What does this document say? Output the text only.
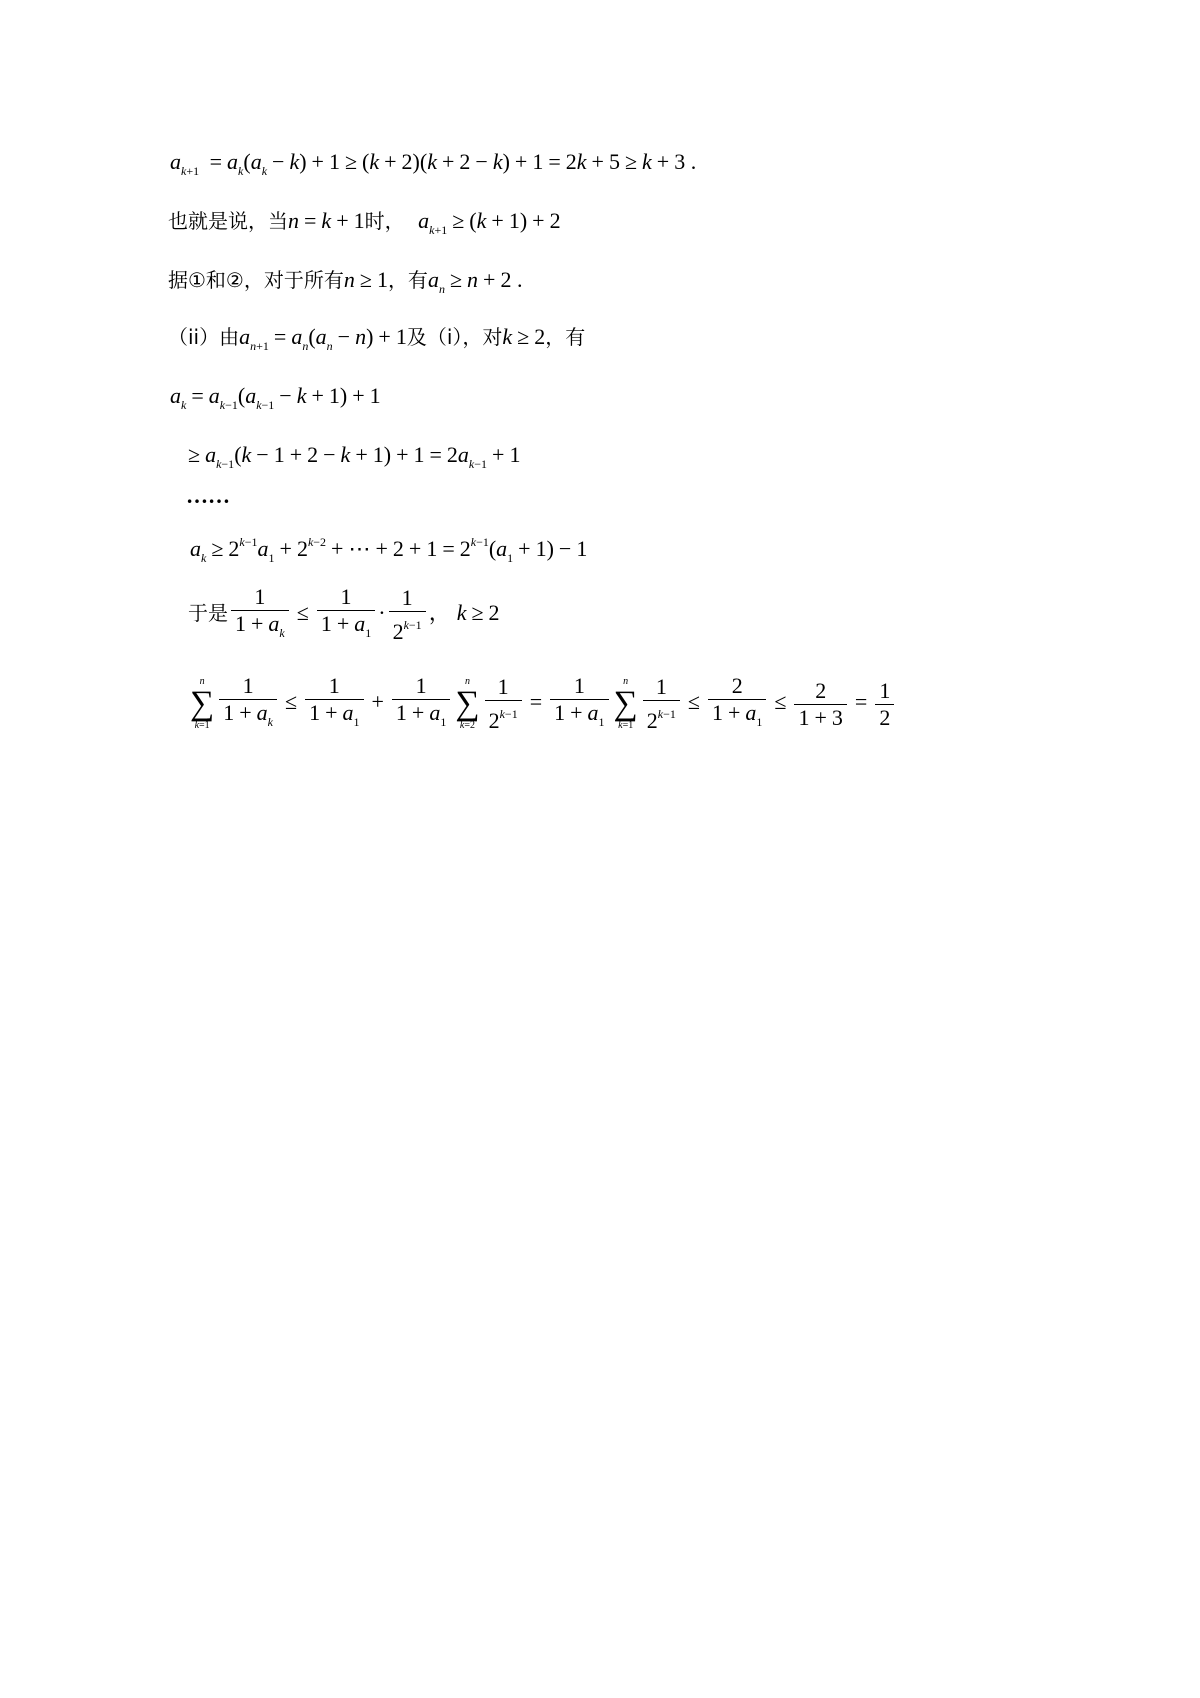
$a_{k+1} = a_k(a_k - k) + 1 \ge (k + 2)(k + 2 - k) + 1 = 2k + 5 \ge k + 3$ .
也就是说，当n = k + 1时， $a_{k+1} \ge (k + 1) + 2$
据①和②，对于所有n ≥ 1，有$a_n \ge n + 2$ .
（ii）由$a_{n+1} = a_n(a_n - n) + 1$及（i），对k ≥ 2，有
$a_k = a_{k-1}(a_{k-1} - k + 1) + 1$
≥ $a_{k-1}(k - 1 + 2 - k + 1) + 1 = 2a_{k-1} + 1$
……
$a_k \ge 2^{k-1}a_1 + 2^{k-2}$ + ⋯ + $2 + 1 = 2^{k-1}(a_1 + 1) - 1$
于是 $\frac{1}{1 + a_k} \le \frac{1}{1 + a_1} \cdot \frac{1}{2^{k-1}}$ ， k ≥ 2
n
∑
$k=1 \frac{1}{1 + a_k} \le \frac{1}{1 + a_1} + \frac{1}{1 + a_1}$ n
∑
$k=2 \frac{1}{2^{k-1}} = \frac{1}{1 + a_1}$ n
∑
$k=1 \frac{1}{2^{k-1}} \le \frac{2}{1 + a_1} \le \frac{2}{1 + 3} = \frac{1}{2}$
